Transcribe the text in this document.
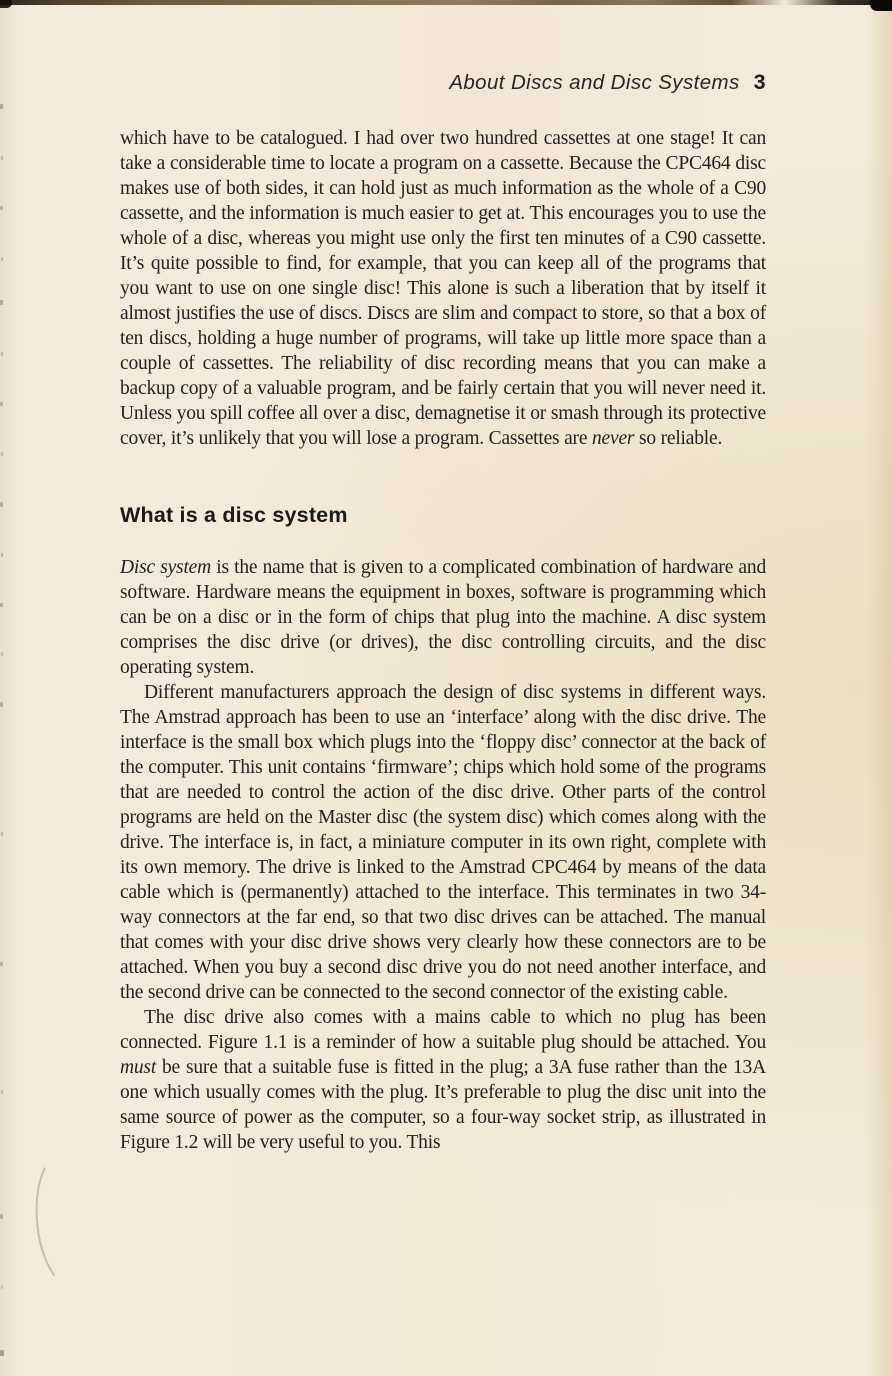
About Discs and Disc Systems 3

which have to be catalogued. I had over two hundred cassettes at one stage! It can take a considerable time to locate a program on a cassette. Because the CPC464 disc makes use of both sides, it can hold just as much information as the whole of a C90 cassette, and the information is much easier to get at. This encourages you to use the whole of a disc, whereas you might use only the first ten minutes of a C90 cassette. It’s quite possible to find, for example, that you can keep all of the programs that you want to use on one single disc! This alone is such a liberation that by itself it almost justifies the use of discs. Discs are slim and compact to store, so that a box of ten discs, holding a huge number of programs, will take up little more space than a couple of cassettes. The reliability of disc recording means that you can make a backup copy of a valuable program, and be fairly certain that you will never need it. Unless you spill coffee all over a disc, demagnetise it or smash through its protective cover, it’s unlikely that you will lose a program. Cassettes are never so reliable.

What is a disc system

Disc system is the name that is given to a complicated combination of hardware and software. Hardware means the equipment in boxes, software is programming which can be on a disc or in the form of chips that plug into the machine. A disc system comprises the disc drive (or drives), the disc controlling circuits, and the disc operating system.

Different manufacturers approach the design of disc systems in different ways. The Amstrad approach has been to use an ‘interface’ along with the disc drive. The interface is the small box which plugs into the ‘floppy disc’ connector at the back of the computer. This unit contains ‘firmware’; chips which hold some of the programs that are needed to control the action of the disc drive. Other parts of the control programs are held on the Master disc (the system disc) which comes along with the drive. The interface is, in fact, a miniature computer in its own right, complete with its own memory. The drive is linked to the Amstrad CPC464 by means of the data cable which is (permanently) attached to the interface. This terminates in two 34-way connectors at the far end, so that two disc drives can be attached. The manual that comes with your disc drive shows very clearly how these connectors are to be attached. When you buy a second disc drive you do not need another interface, and the second drive can be connected to the second connector of the existing cable.

The disc drive also comes with a mains cable to which no plug has been connected. Figure 1.1 is a reminder of how a suitable plug should be attached. You must be sure that a suitable fuse is fitted in the plug; a 3A fuse rather than the 13A one which usually comes with the plug. It’s preferable to plug the disc unit into the same source of power as the computer, so a four-way socket strip, as illustrated in Figure 1.2 will be very useful to you. This
